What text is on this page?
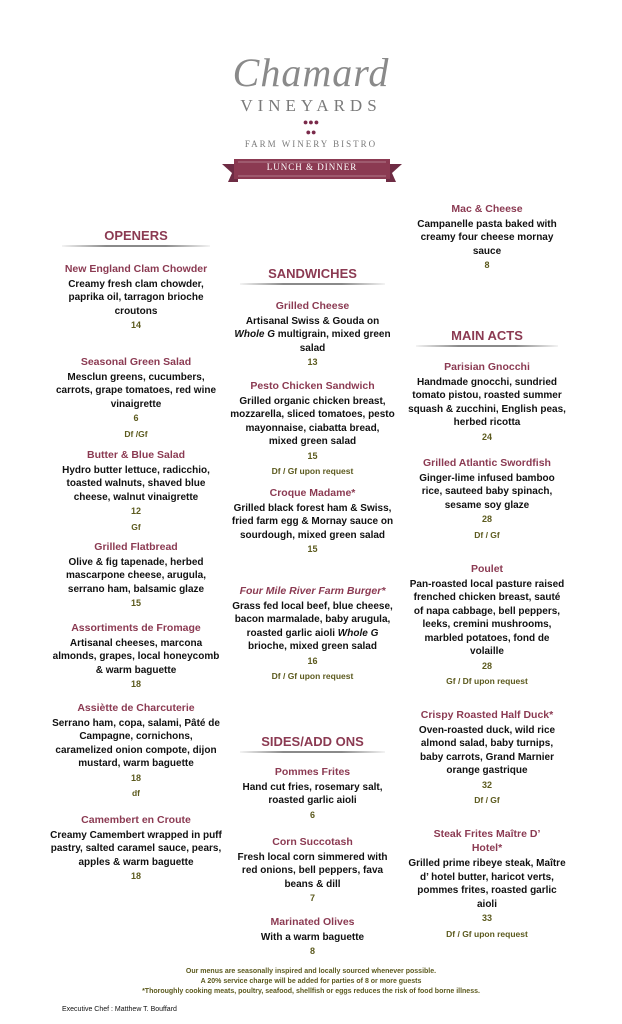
Chamard
VINEYARDS
●●●
●●
FARM WINERY BISTRO
LUNCH & DINNER
OPENERS
New England Clam Chowder
Creamy fresh clam chowder, paprika oil, tarragon brioche croutons
14
Seasonal Green Salad
Mesclun greens, cucumbers, carrots, grape tomatoes, red wine vinaigrette
6
Df /Gf
Butter & Blue Salad
Hydro butter lettuce, radicchio, toasted walnuts, shaved blue cheese, walnut vinaigrette
12
Gf
Grilled Flatbread
Olive & fig tapenade, herbed mascarpone cheese, arugula, serrano ham, balsamic glaze
15
Assortiments de Fromage
Artisanal cheeses, marcona almonds, grapes, local honeycomb & warm baguette
18
Assiètte de Charcuterie
Serrano ham, copa, salami, Pâté de Campagne, cornichons, caramelized onion compote, dijon mustard, warm baguette
18
df
Camembert en Croute
Creamy Camembert wrapped in puff pastry, salted caramel sauce, pears, apples & warm baguette
18
SANDWICHES
Grilled Cheese
Artisanal Swiss & Gouda on
Whole G multigrain, mixed green salad
13
Pesto Chicken Sandwich
Grilled organic chicken breast, mozzarella, sliced tomatoes, pesto mayonnaise, ciabatta bread, mixed green salad
15
Df / Gf upon request
Croque Madame*
Grilled black forest ham & Swiss, fried farm egg & Mornay sauce on sourdough, mixed green salad
15
Four Mile River Farm Burger*
Grass fed local beef, blue cheese, bacon marmalade, baby arugula, roasted garlic aioli Whole G brioche, mixed green salad
16
Df / Gf upon request
SIDES/ADD ONS
Pommes Frites
Hand cut fries, rosemary salt, roasted garlic aioli
6
Corn Succotash
Fresh local corn simmered with red onions, bell peppers, fava beans & dill
7
Marinated Olives
With a warm baguette
8
Mac & Cheese
Campanelle pasta baked with creamy four cheese mornay sauce
8
MAIN ACTS
Parisian Gnocchi
Handmade gnocchi, sundried tomato pistou, roasted summer squash & zucchini, English peas, herbed ricotta
24
Grilled Atlantic Swordfish
Ginger-lime infused bamboo rice, sauteed baby spinach, sesame soy glaze
28
Df / Gf
Poulet
Pan-roasted local pasture raised frenched chicken breast, sauté of napa cabbage, bell peppers, leeks, cremini mushrooms, marbled potatoes, fond de volaille
28
Gf / Df upon request
Crispy Roasted Half Duck*
Oven-roasted duck, wild rice almond salad, baby turnips, baby carrots, Grand Marnier orange gastrique
32
Df / Gf
Steak Frites Maître D’ Hotel*
Grilled prime ribeye steak, Maître d’ hotel butter, haricot verts, pommes frites, roasted garlic aioli
33
Df / Gf upon request
Our menus are seasonally inspired and locally sourced whenever possible.
A 20% service charge will be added for parties of 8 or more guests
*Thoroughly cooking meats, poultry, seafood, shellfish or eggs reduces the risk of food borne illness.
Executive Chef : Matthew T. Bouffard
